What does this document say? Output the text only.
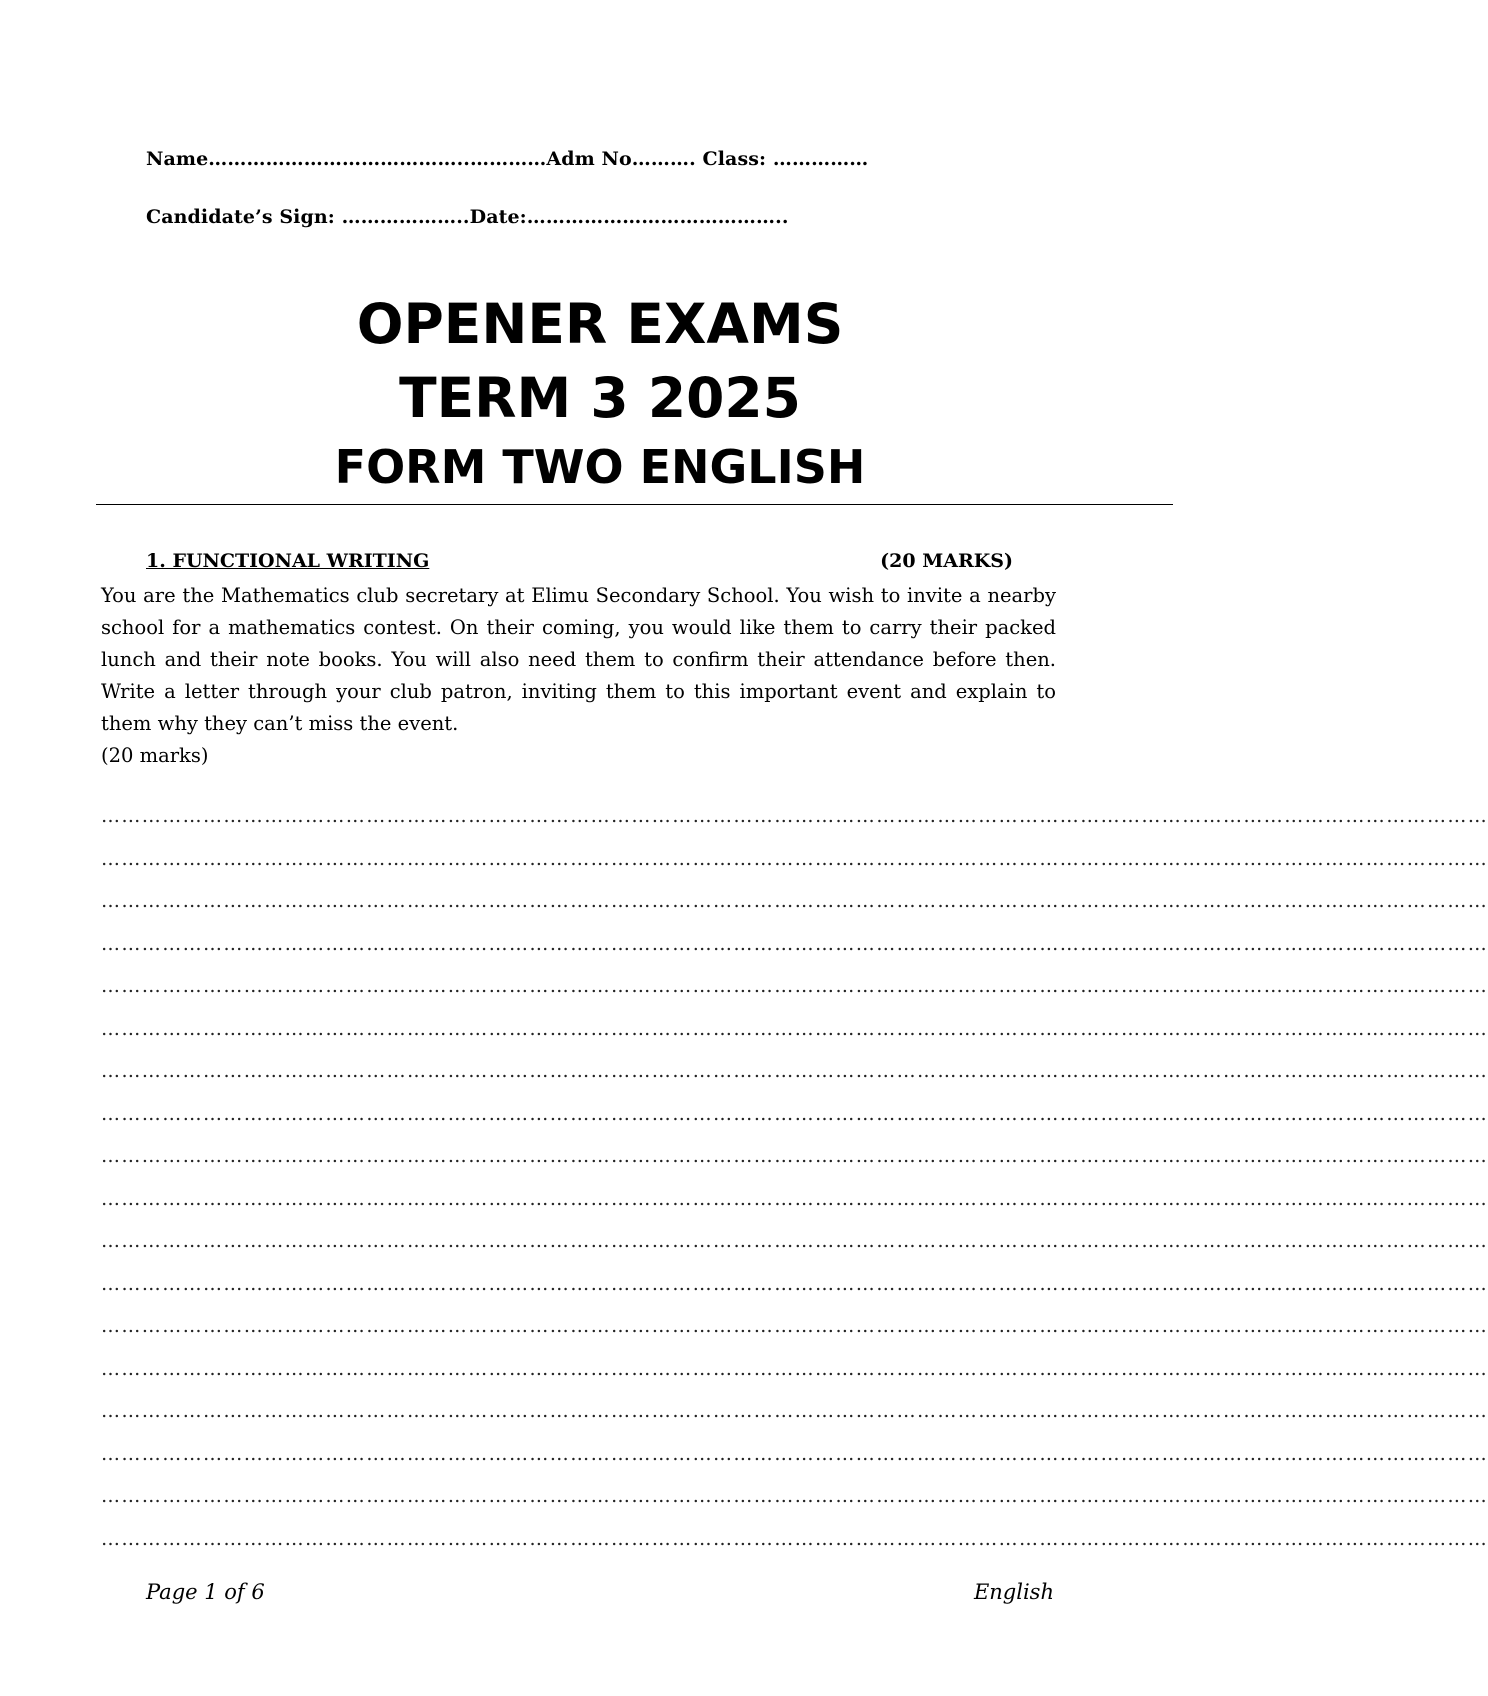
Name…………………………………..…………Adm No………. Class: ……………
Candidate’s Sign: ………………..Date:…………………………………..
OPENER EXAMS
TERM 3 2025
FORM TWO ENGLISH
1. FUNCTIONAL WRITING	(20 MARKS)
You are the Mathematics club secretary at Elimu Secondary School. You wish to invite a nearby school for a mathematics contest. On their coming, you would like them to carry their packed lunch and their note books. You will also need them to confirm their attendance before then. Write a letter through your club patron, inviting them to this important event and explain to them why they can’t miss the event.
(20 marks)
……………………………………………………………………………………………………………………………………………………………………………………
……………………………………………………………………………………………………………………………………………………………………………………
……………………………………………………………………………………………………………………………………………………………………………………
……………………………………………………………………………………………………………………………………………………………………………………
……………………………………………………………………………………………………………………………………………………………………………………
……………………………………………………………………………………………………………………………………………………………………………………
……………………………………………………………………………………………………………………………………………………………………………………
……………………………………………………………………………………………………………………………………………………………………………………
……………………………………………………………………………………………………………………………………………………………………………………
……………………………………………………………………………………………………………………………………………………………………………………
……………………………………………………………………………………………………………………………………………………………………………………
……………………………………………………………………………………………………………………………………………………………………………………
……………………………………………………………………………………………………………………………………………………………………………………
……………………………………………………………………………………………………………………………………………………………………………………
……………………………………………………………………………………………………………………………………………………………………………………
……………………………………………………………………………………………………………………………………………………………………………………
……………………………………………………………………………………………………………………………………………………………………………………
……………………………………………………………………………………………………………………………………………………………………………………
Page 1 of 6	English
